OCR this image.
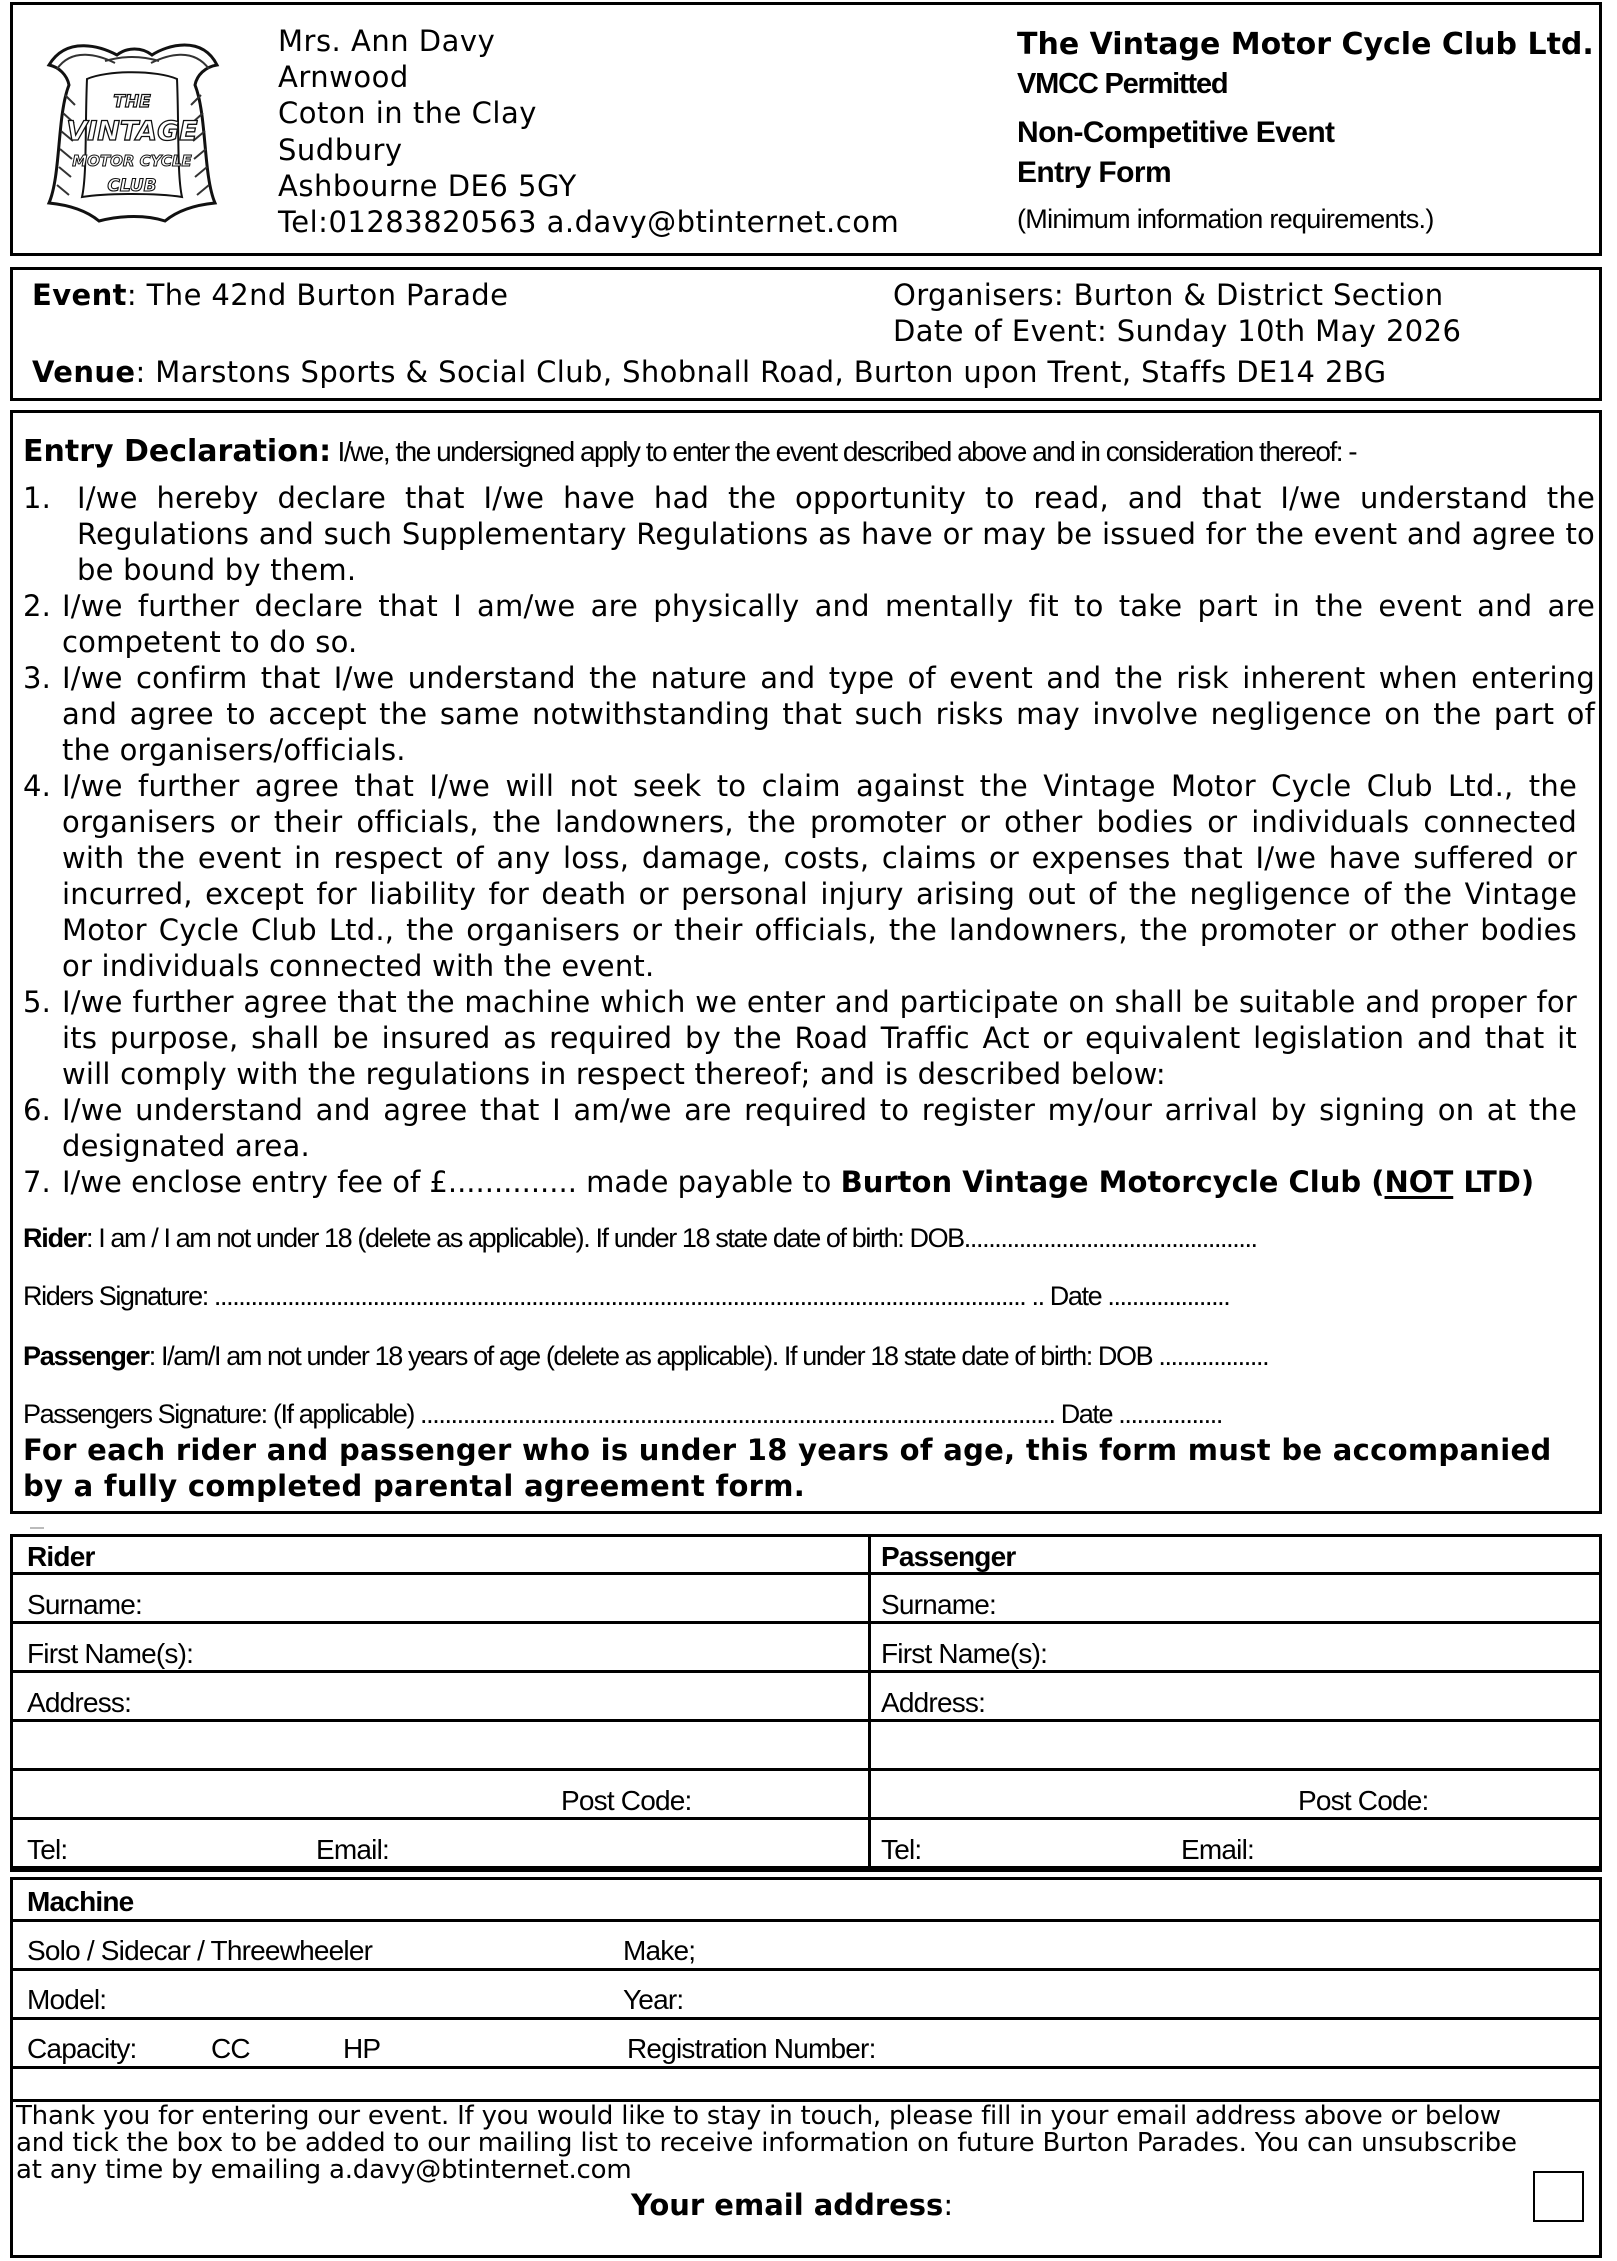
THE
VINTAGE
MOTOR CYCLE
CLUB
Mrs. Ann Davy
Arnwood
Coton in the Clay
Sudbury
Ashbourne DE6 5GY
Tel:01283820563 a.davy@btinternet.com
The Vintage Motor Cycle Club Ltd.
VMCC Permitted
Non-Competitive Event
Entry Form
(Minimum information requirements.)
Event: The 42nd Burton Parade	Organisers: Burton & District Section
Date of Event: Sunday 10th May 2026
Venue: Marstons Sports & Social Club, Shobnall Road, Burton upon Trent, Staffs DE14 2BG
Entry Declaration: I/we, the undersigned apply to enter the event described above and in consideration thereof: -
1. I/we hereby declare that I/we have had the opportunity to read, and that I/we understand the Regulations and such Supplementary Regulations as have or may be issued for the event and agree to be bound by them.
2. I/we further declare that I am/we are physically and mentally fit to take part in the event and are competent to do so.
3. I/we confirm that I/we understand the nature and type of event and the risk inherent when entering and agree to accept the same notwithstanding that such risks may involve negligence on the part of the organisers/officials.
4. I/we further agree that I/we will not seek to claim against the Vintage Motor Cycle Club Ltd., the organisers or their officials, the landowners, the promoter or other bodies or individuals connected with the event in respect of any loss, damage, costs, claims or expenses that I/we have suffered or incurred, except for liability for death or personal injury arising out of the negligence of the Vintage Motor Cycle Club Ltd., the organisers or their officials, the landowners, the promoter or other bodies or individuals connected with the event.
5. I/we further agree that the machine which we enter and participate on shall be suitable and proper for its purpose, shall be insured as required by the Road Traffic Act or equivalent legislation and that it will comply with the regulations in respect thereof; and is described below:
6. I/we understand and agree that I am/we are required to register my/our arrival by signing on at the designated area.
7. I/we enclose entry fee of £.............. made payable to Burton Vintage Motorcycle Club (NOT LTD)
Rider: I am / I am not under 18 (delete as applicable). If under 18 state date of birth: DOB................................................
Riders Signature: ..................................................................................................................................... .. Date ....................
Passenger: I/am/I am not under 18 years of age (delete as applicable). If under 18 state date of birth: DOB ..................
Passengers Signature: (If applicable) ........................................................................................................ Date .................
For each rider and passenger who is under 18 years of age, this form must be accompanied by a fully completed parental agreement form.
Rider	Passenger
Surname:	Surname:
First Name(s):	First Name(s):
Address:	Address:
Post Code:	Post Code:
Tel:	Email:	Tel:	Email:
Machine
Solo / Sidecar / Threewheeler	Make;
Model:	Year:
Capacity:	CC	HP	Registration Number:
Thank you for entering our event. If you would like to stay in touch, please fill in your email address above or below
and tick the box to be added to our mailing list to receive information on future Burton Parades. You can unsubscribe
at any time by emailing a.davy@btinternet.com
Your email address:
